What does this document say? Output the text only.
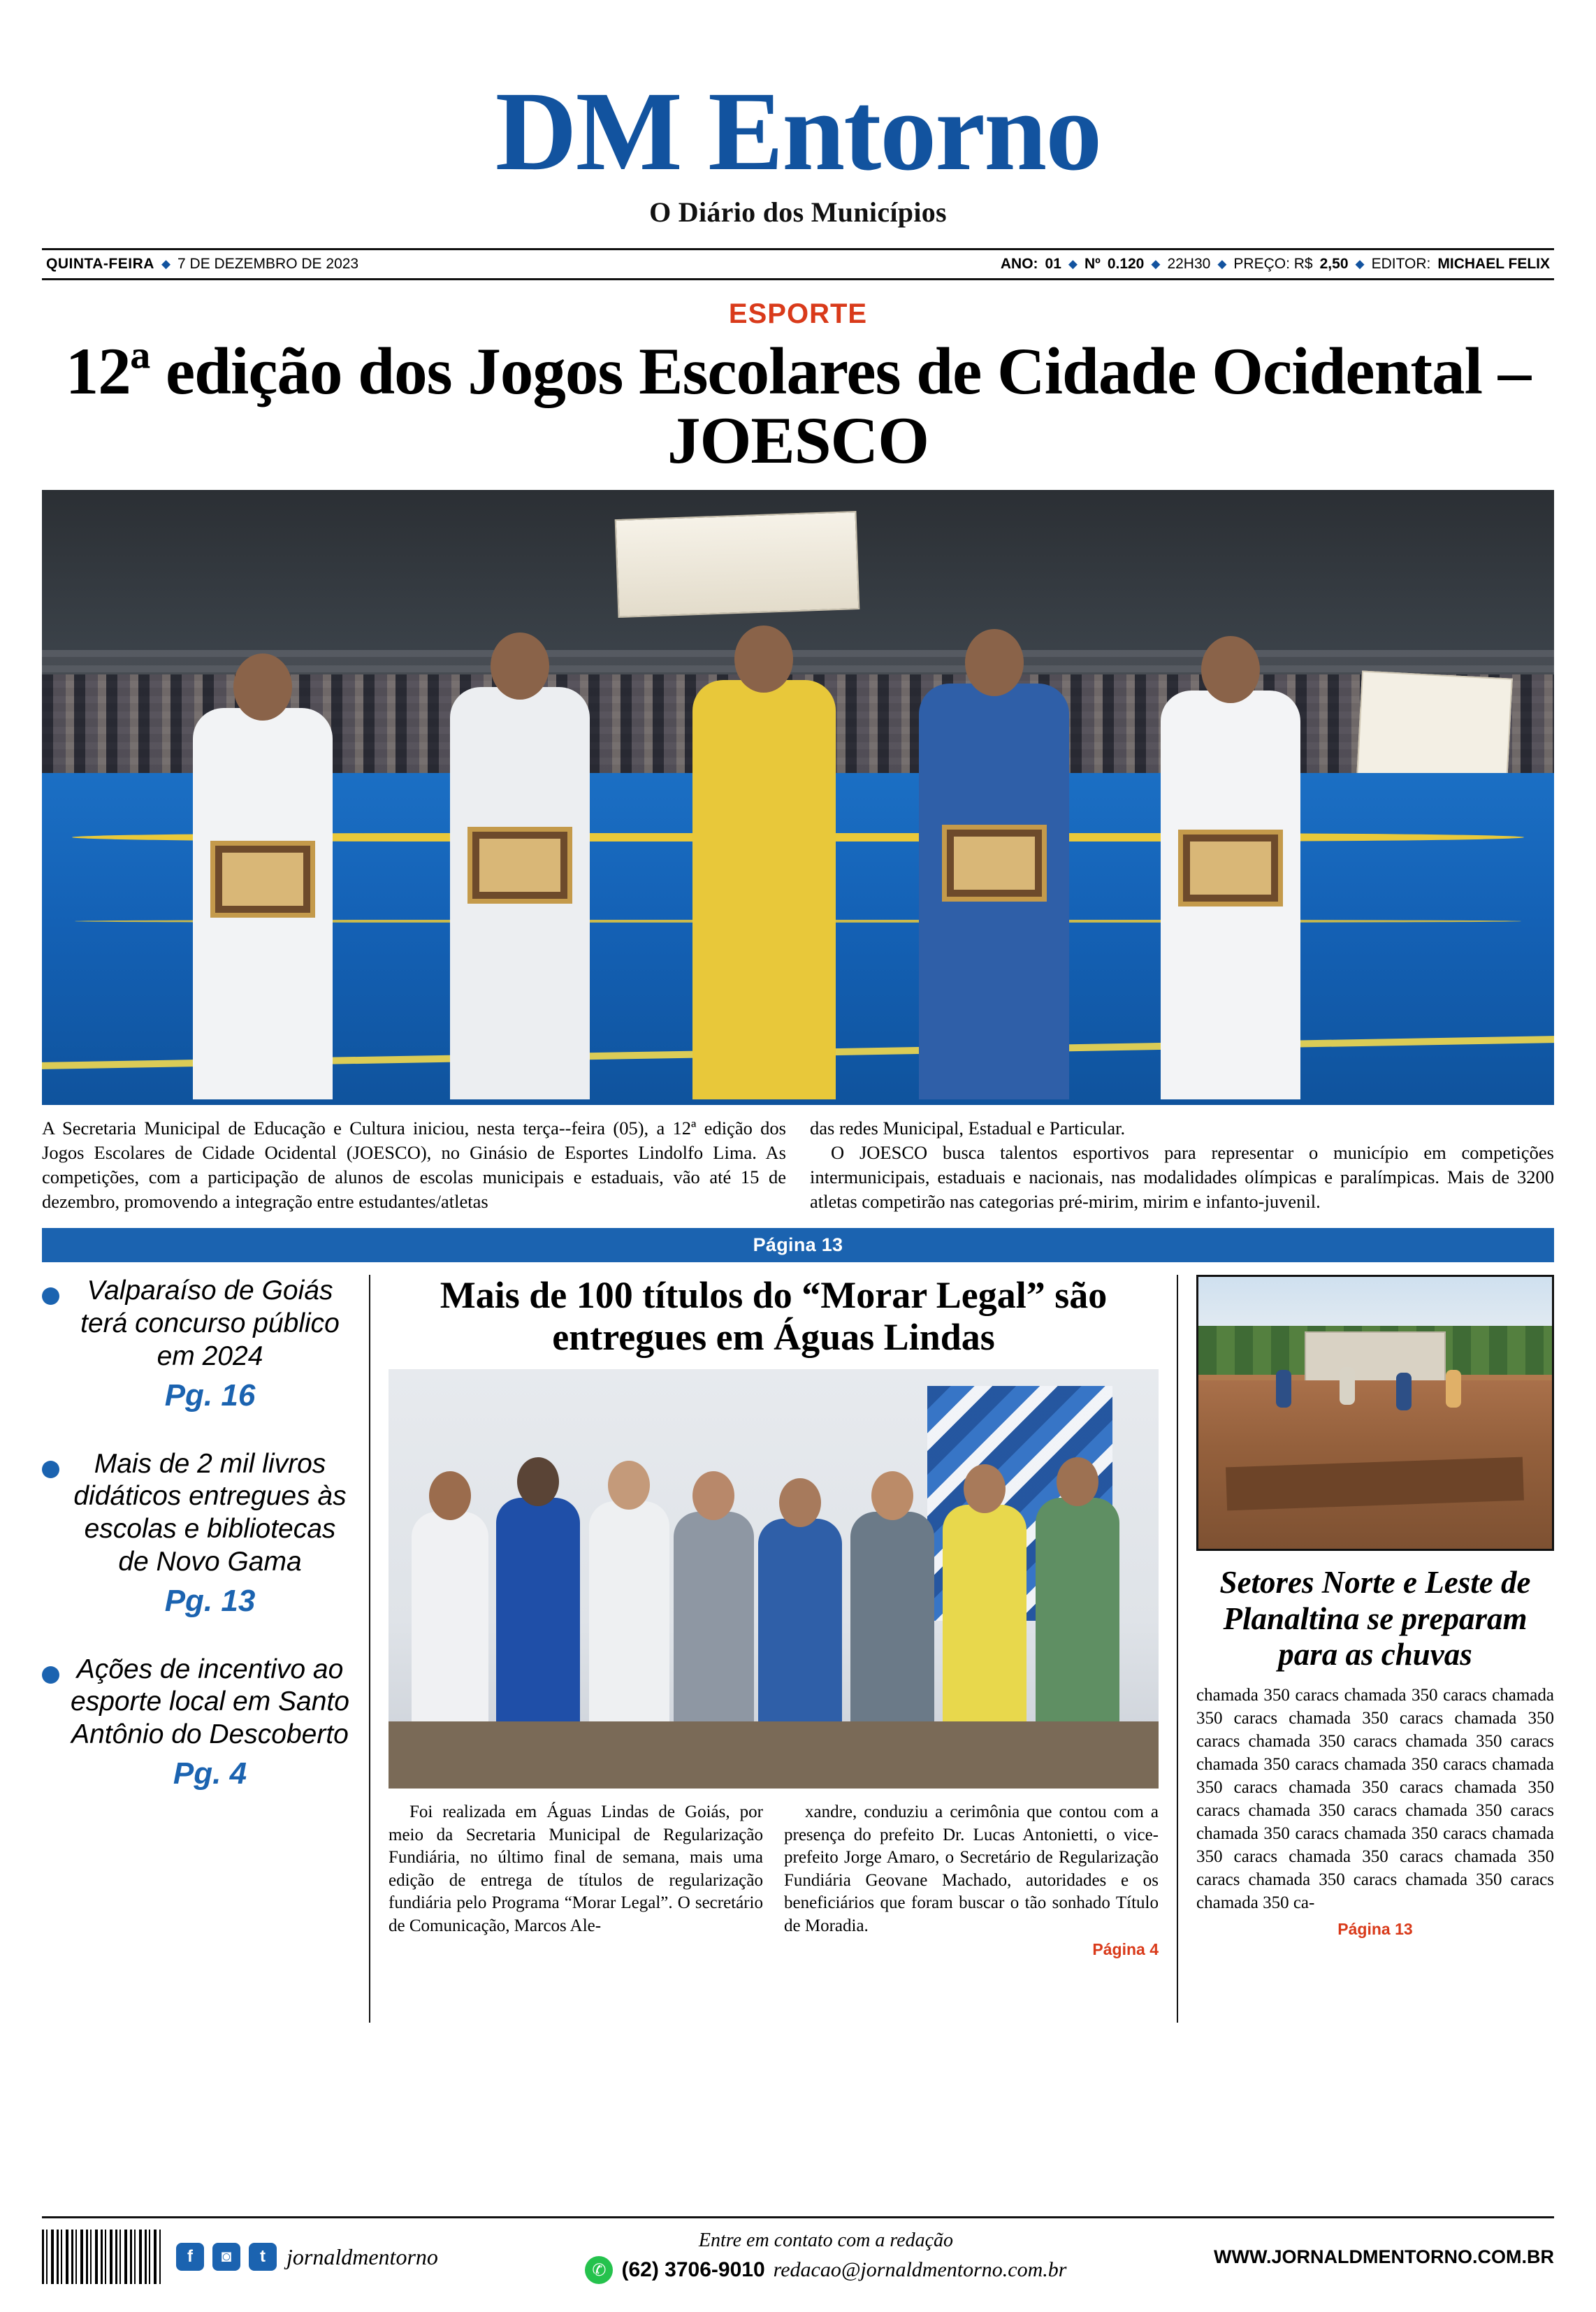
DM Entorno
O Diário dos Municípios
QUINTA-FEIRA ◆ 7 DE DEZEMBRO DE 2023	ANO: 01 ◆ Nº 0.120 ◆ 22H30 ◆ PREÇO: R$ 2,50 ◆ EDITOR: MICHAEL FELIX
ESPORTE
12ª edição dos Jogos Escolares de Cidade Ocidental – JOESCO

A Secretaria Municipal de Educação e Cultura iniciou, nesta terça--feira (05), a 12ª edição dos Jogos Escolares de Cidade Ocidental (JOESCO), no Ginásio de Esportes Lindolfo Lima. As competições, com a participação de alunos de escolas municipais e estaduais, vão até 15 de dezembro, promovendo a integração entre estudantes/atletas

das redes Municipal, Estadual e Particular.

O JOESCO busca talentos esportivos para representar o município em competições intermunicipais, estaduais e nacionais, nas modalidades olímpicas e paralímpicas. Mais de 3200 atletas competirão nas categorias pré-mirim, mirim e infanto-juvenil.

Página 13
Valparaíso de Goiás terá concurso público em 2024
Pg. 16
Mais de 2 mil livros didáticos entregues às escolas e bibliotecas de Novo Gama
Pg. 13
Ações de incentivo ao esporte local em Santo Antônio do Descoberto
Pg. 4
Mais de 100 títulos do “Morar Legal” são entregues em Águas Lindas

Foi realizada em Águas Lindas de Goiás, por meio da Secretaria Municipal de Regularização Fundiária, no último final de semana, mais uma edição de entrega de títulos de regularização fundiária pelo Programa “Morar Legal”. O secretário de Comunicação, Marcos Ale-

xandre, conduziu a cerimônia que contou com a presença do prefeito Dr. Lucas Antonietti, o vice-prefeito Jorge Amaro, o Secretário de Regularização Fundiária Geovane Machado, autoridades e os beneficiários que foram buscar o tão sonhado Título de Moradia.

Página 4
Setores Norte e Leste de Planaltina se preparam para as chuvas
chamada 350 caracs chamada 350 caracs chamada 350 caracs chamada 350 caracs chamada 350 caracs chamada 350 caracs chamada 350 caracs chamada 350 caracs chamada 350 caracs chamada 350 caracs chamada 350 caracs chamada 350 caracs chamada 350 caracs chamada 350 caracs chamada 350 caracs chamada 350 caracs chamada 350 caracs chamada 350 caracs chamada 350 caracs chamada 350 caracs chamada 350 caracs chamada 350 ca-
Página 13
f	◙	t jornaldmentorno
Entre em contato com a redação
✆ (62) 3706-9010 redacao@jornaldmentorno.com.br
WWW.JORNALDMENTORNO.COM.BR
